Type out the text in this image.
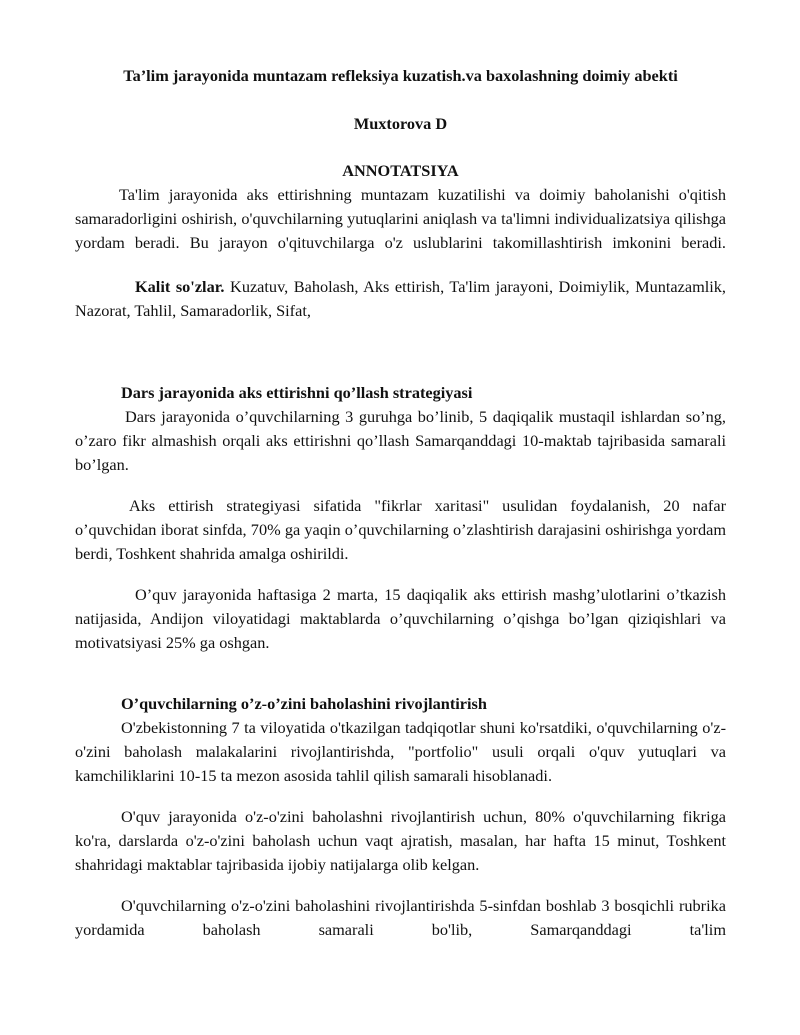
Ta’lim jarayonida muntazam refleksiya kuzatish.va baxolashning doimiy abekti

Muxtorova D

ANNOTATSIYA

Ta'lim jarayonida aks ettirishning muntazam kuzatilishi va doimiy baholanishi o'qitish samaradorligini oshirish, o'quvchilarning yutuqlarini aniqlash va ta'limni individualizatsiya qilishga yordam beradi. Bu jarayon o'qituvchilarga o'z uslublarini takomillashtirish imkonini beradi.

Kalit so'zlar. Kuzatuv, Baholash, Aks ettirish, Ta'lim jarayoni, Doimiylik, Muntazamlik, Nazorat, Tahlil, Samaradorlik, Sifat,

Dars jarayonida aks ettirishni qo’llash strategiyasi

Dars jarayonida o’quvchilarning 3 guruhga bo’linib, 5 daqiqalik mustaqil ishlardan so’ng, o’zaro fikr almashish orqali aks ettirishni qo’llash Samarqanddagi 10-maktab tajribasida samarali bo’lgan.

Aks ettirish strategiyasi sifatida "fikrlar xaritasi" usulidan foydalanish, 20 nafar o’quvchidan iborat sinfda, 70% ga yaqin o’quvchilarning o’zlashtirish darajasini oshirishga yordam berdi, Toshkent shahrida amalga oshirildi.

O’quv jarayonida haftasiga 2 marta, 15 daqiqalik aks ettirish mashg’ulotlarini o’tkazish natijasida, Andijon viloyatidagi maktablarda o’quvchilarning o’qishga bo’lgan qiziqishlari va motivatsiyasi 25% ga oshgan.

O’quvchilarning o’z-o’zini baholashini rivojlantirish

O'zbekistonning 7 ta viloyatida o'tkazilgan tadqiqotlar shuni ko'rsatdiki, o'quvchilarning o'z-o'zini baholash malakalarini rivojlantirishda, "portfolio" usuli orqali o'quv yutuqlari va kamchiliklarini 10-15 ta mezon asosida tahlil qilish samarali hisoblanadi.

O'quv jarayonida o'z-o'zini baholashni rivojlantirish uchun, 80% o'quvchilarning fikriga ko'ra, darslarda o'z-o'zini baholash uchun vaqt ajratish, masalan, har hafta 15 minut, Toshkent shahridagi maktablar tajribasida ijobiy natijalarga olib kelgan.

O'quvchilarning o'z-o'zini baholashini rivojlantirishda 5-sinfdan boshlab 3 bosqichli rubrika yordamida baholash samarali bo'lib, Samarqanddagi ta'lim
